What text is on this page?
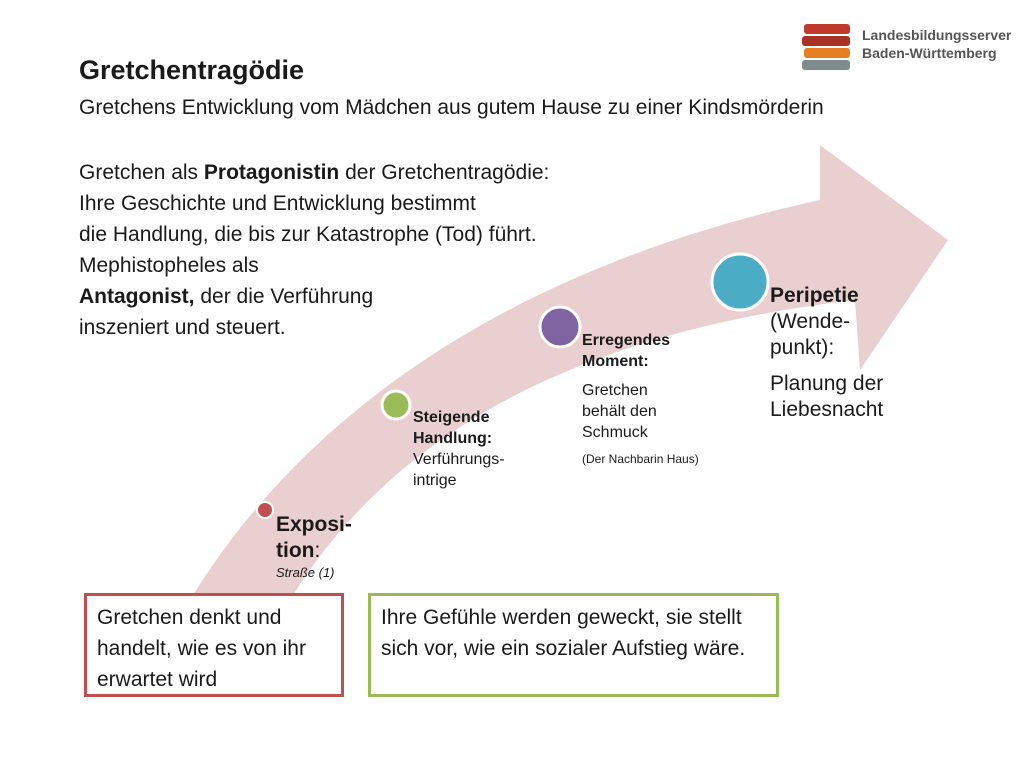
Landesbildungsserver
Baden-Württemberg
Gretchentragödie
Gretchens Entwicklung vom Mädchen aus gutem Hause zu einer Kindsmörderin
Gretchen als Protagonistin der Gretchentragödie:
Ihre Geschichte und Entwicklung bestimmt
die Handlung, die bis zur Katastrophe (Tod) führt.
Mephistopheles als
Antagonist, der die Verführung
inszeniert und steuert.
Exposi-
tion:
Straße (1)
Steigende
Handlung:
Verführungs-
intrige
Erregendes
Moment:
Gretchen
behält den
Schmuck
(Der Nachbarin Haus)
Peripetie
(Wende-
punkt):
Planung der
Liebesnacht
Gretchen denkt und handelt, wie es von ihr erwartet wird
Ihre Gefühle werden geweckt, sie stellt sich vor, wie ein sozialer Aufstieg wäre.
